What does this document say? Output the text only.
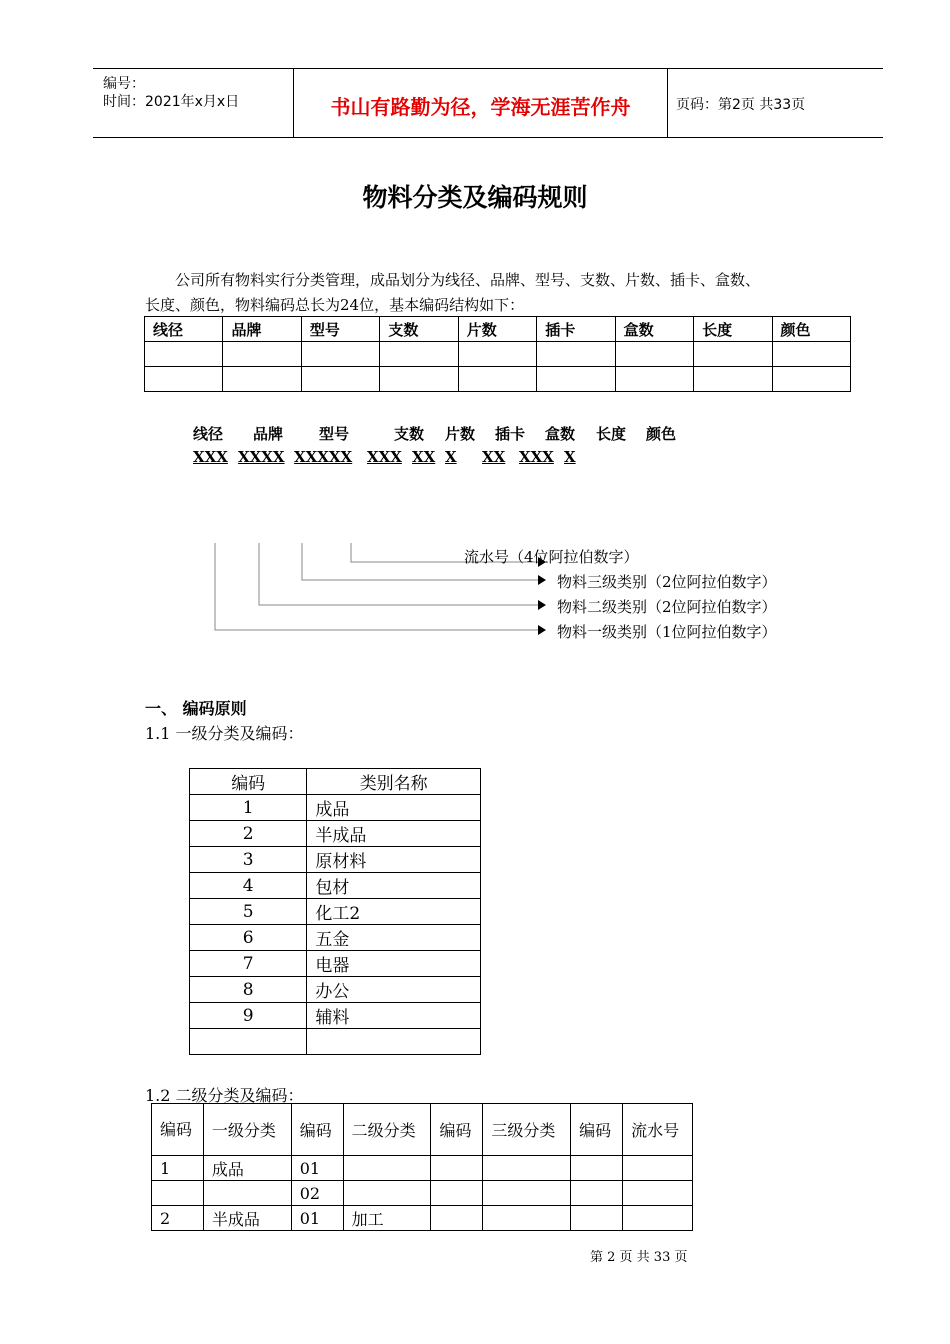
编号：
时间：2021年x月x日	书山有路勤为径，学海无涯苦作舟	页码：第2页 共33页
物料分类及编码规则
公司所有物料实行分类管理，成品划分为线径、品牌、型号、支数、片数、插卡、盒数、
长度、颜色，物料编码总长为24位，基本编码结构如下：
线径	品牌	型号	支数	片数	插卡	盒数	长度	颜色

线径 品牌 型号	支数 片数 插卡 盒数 长度 颜色
XXX XXXX XXXXX XXX XX X XX XXX X
流水号（4位阿拉伯数字）
物料三级类别（2位阿拉伯数字）
物料二级类别（2位阿拉伯数字）
物料一级类别（1位阿拉伯数字）
一、 编码原则
1.1 一级分类及编码：
编码	类别名称
1	成品
2	半成品
3	原材料
4	包材
5	化工2
6	五金
7	电器
8	办公
9	辅料

1.2 二级分类及编码：
编码	一级分类	编码	二级分类	编码	三级分类	编码	流水号
1	成品	01					
		02					
2	半成品	01	加工				
第 2 页 共 33 页
